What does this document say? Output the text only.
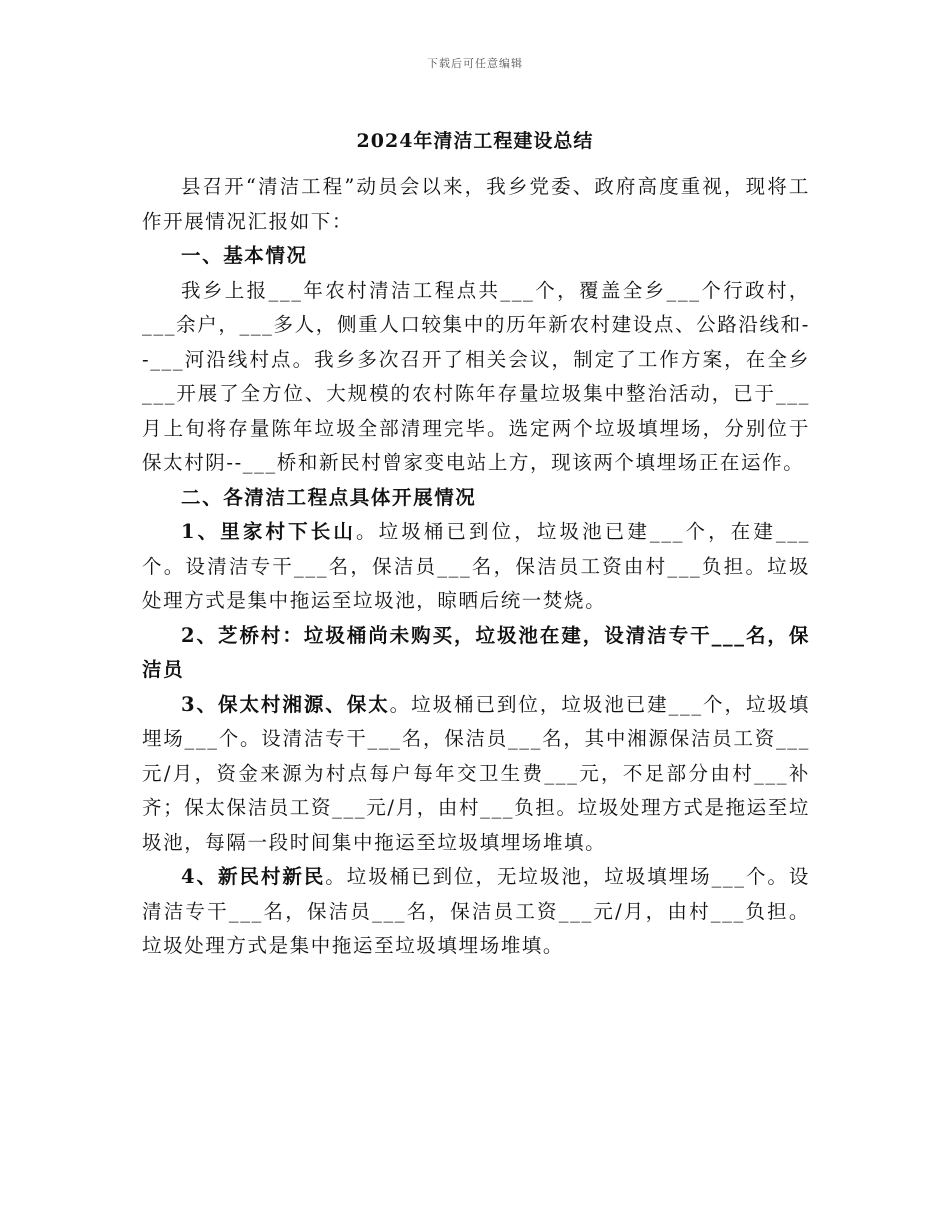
下载后可任意编辑
2024年清洁工程建设总结

县召开“清洁工程”动员会以来，我乡党委、政府高度重视，现将工作开展情况汇报如下：

一、基本情况

我乡上报___年农村清洁工程点共___个，覆盖全乡___个行政村，___余户，___多人，侧重人口较集中的历年新农村建设点、公路沿线和--___河沿线村点。我乡多次召开了相关会议，制定了工作方案，在全乡___开展了全方位、大规模的农村陈年存量垃圾集中整治活动，已于___月上旬将存量陈年垃圾全部清理完毕。选定两个垃圾填埋场，分别位于保太村阴--___桥和新民村曾家变电站上方，现该两个填埋场正在运作。

二、各清洁工程点具体开展情况

1、里家村下长山。垃圾桶已到位，垃圾池已建___个，在建___个。设清洁专干___名，保洁员___名，保洁员工资由村___负担。垃圾处理方式是集中拖运至垃圾池，晾晒后统一焚烧。

2、芝桥村：垃圾桶尚未购买，垃圾池在建，设清洁专干___名，保洁员

3、保太村湘源、保太。垃圾桶已到位，垃圾池已建___个，垃圾填埋场___个。设清洁专干___名，保洁员___名，其中湘源保洁员工资___元/月，资金来源为村点每户每年交卫生费___元，不足部分由村___补齐；保太保洁员工资___元/月，由村___负担。垃圾处理方式是拖运至垃圾池，每隔一段时间集中拖运至垃圾填埋场堆填。

4、新民村新民。垃圾桶已到位，无垃圾池，垃圾填埋场___个。设清洁专干___名，保洁员___名，保洁员工资___元/月，由村___负担。垃圾处理方式是集中拖运至垃圾填埋场堆填。
